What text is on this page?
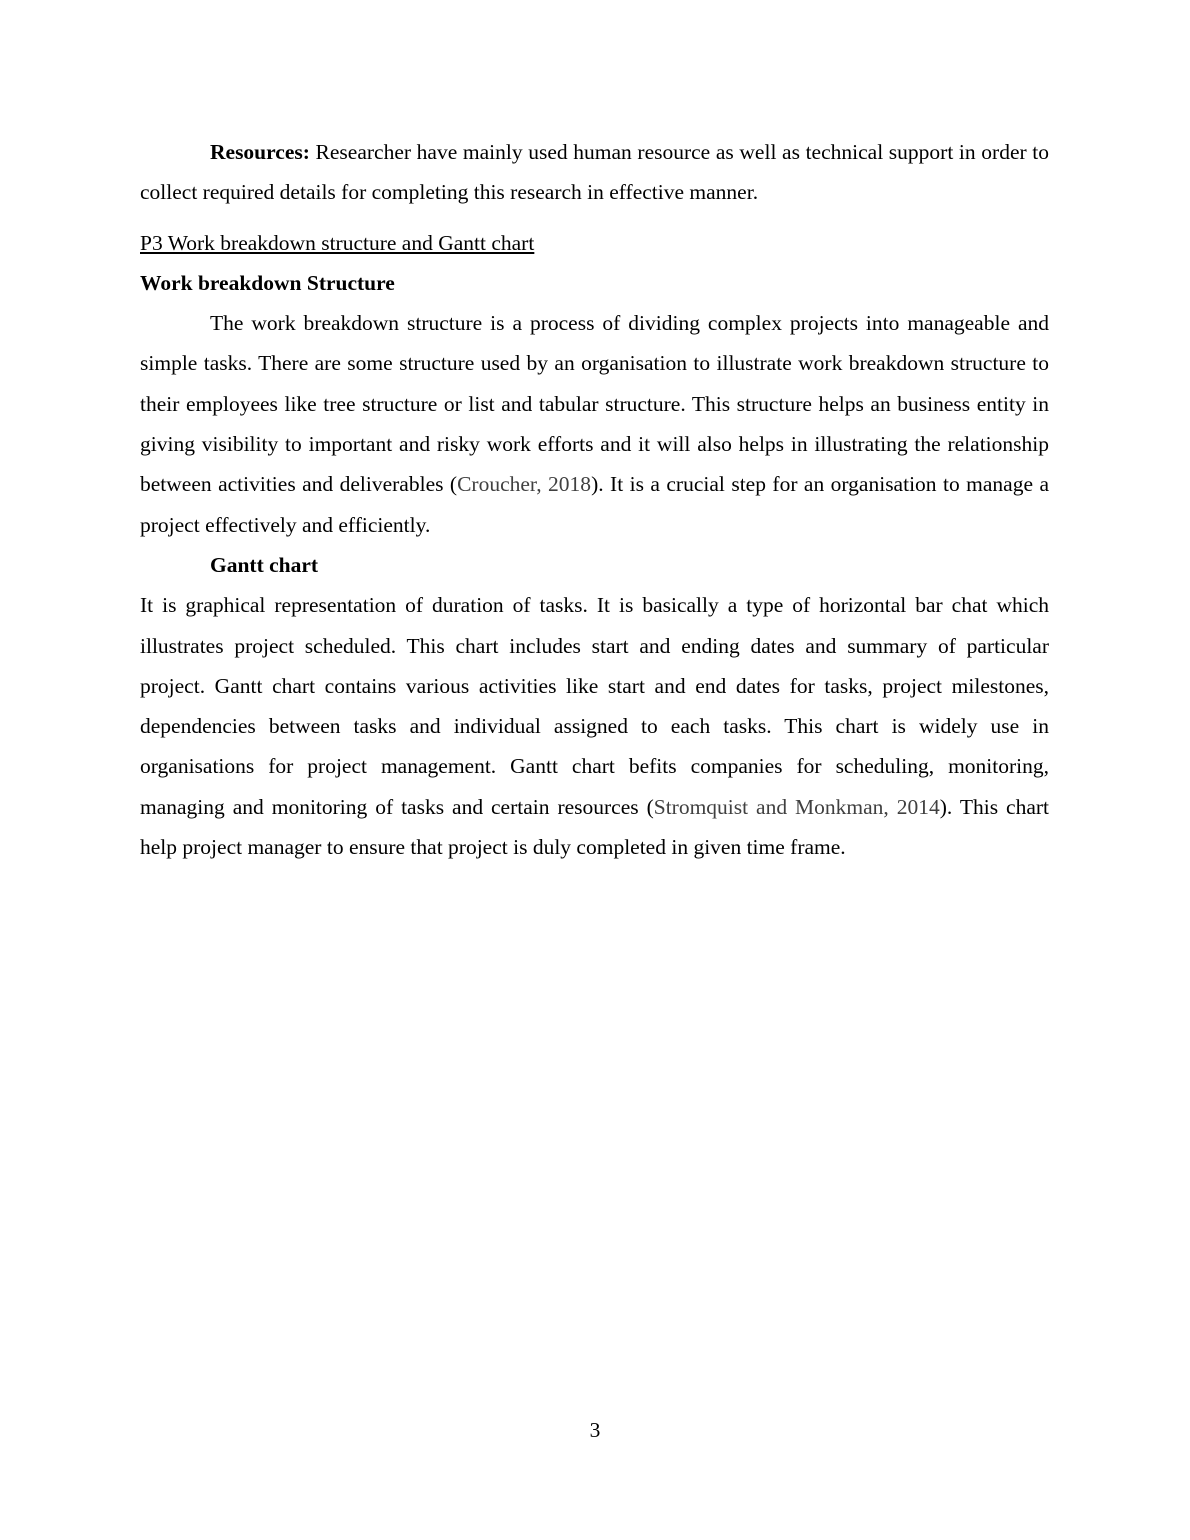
Resources: Researcher have mainly used human resource as well as technical support in order to collect required details for completing this research in effective manner.

P3 Work breakdown structure and Gantt chart
Work breakdown Structure

The work breakdown structure is a process of dividing complex projects into manageable and simple tasks. There are some structure used by an organisation to illustrate work breakdown structure to their employees like tree structure or list and tabular structure. This structure helps an business entity in giving visibility to important and risky work efforts and it will also helps in illustrating the relationship between activities and deliverables (Croucher, 2018). It is a crucial step for an organisation to manage a project effectively and efficiently.

Gantt chart

It is graphical representation of duration of tasks. It is basically a type of horizontal bar chat which illustrates project scheduled. This chart includes start and ending dates and summary of particular project. Gantt chart contains various activities like start and end dates for tasks, project milestones, dependencies between tasks and individual assigned to each tasks. This chart is widely use in organisations for project management. Gantt chart befits companies for scheduling, monitoring, managing and monitoring of tasks and certain resources (Stromquist and Monkman, 2014). This chart help project manager to ensure that project is duly completed in given time frame.

3
